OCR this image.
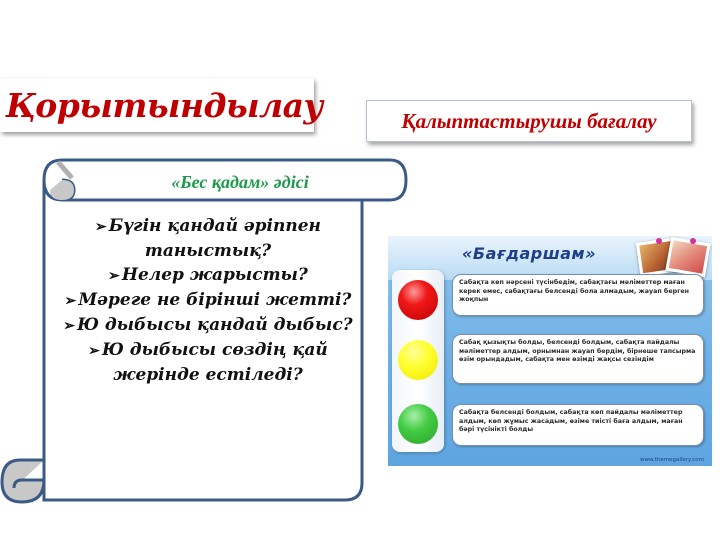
Қорытындылау	Қалыптастырушы бағалау
«Бес қадам» әдісі

➢ Бүгін қандай әріппен таныстық?

➢ Нелер жарысты?

➢ Мәреге не бірінші жетті?

➢ Ю дыбысы қандай дыбыс?

➢ Ю дыбысы сөздің қай жерінде естіледі?

«Бағдаршам»
Сабақта көп нәрсені түсінбедім, сабақтағы мәліметтер маған керек емес, сабақтағы белсенді бола алмадым, жауап берген жоқпын
Сабақ қызықты болды, белсенді болдым, сабақта пайдалы мәліметтер алдым, орнымнан жауап бердім, бірнеше тапсырма өзім орындадым, сабақта мен өзімді жақсы сезіндім
Сабақта белсенді болдым, сабақта көп пайдалы мәліметтер алдым, көп жұмыс жасадым, өзіме тиісті баға алдым, маған бәрі түсінікті болды
www.themegallery.com
